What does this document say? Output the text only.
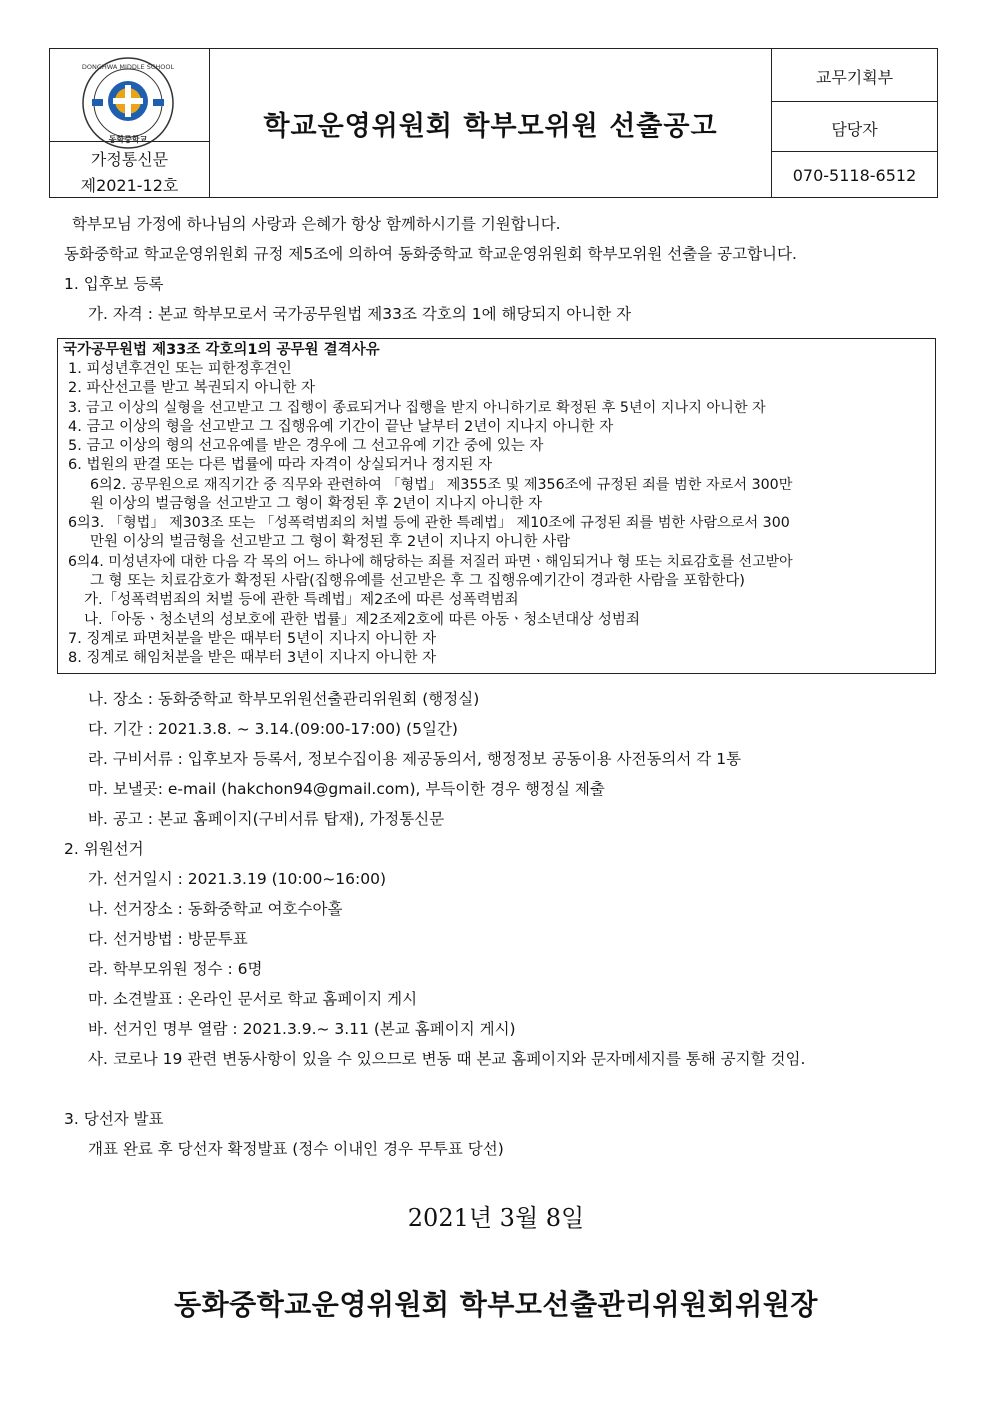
DONGHWA MIDDLE SCHOOL
동화중학교
가정통신문
제2021-12호
학교운영위원회 학부모위원 선출공고
교무기획부
담당자
070-5118-6512
학부모님 가정에 하나님의 사랑과 은혜가 항상 함께하시기를 기원합니다.
동화중학교 학교운영위원회 규정 제5조에 의하여 동화중학교 학교운영위원회 학부모위원 선출을 공고합니다.
1. 입후보 등록
가. 자격 : 본교 학부모로서 국가공무원법 제33조 각호의 1에 해당되지 아니한 자
국가공무원법 제33조 각호의1의 공무원 결격사유
1. 피성년후견인 또는 피한정후견인
2. 파산선고를 받고 복권되지 아니한 자
3. 금고 이상의 실형을 선고받고 그 집행이 종료되거나 집행을 받지 아니하기로 확정된 후 5년이 지나지 아니한 자
4. 금고 이상의 형을 선고받고 그 집행유예 기간이 끝난 날부터 2년이 지나지 아니한 자
5. 금고 이상의 형의 선고유예를 받은 경우에 그 선고유예 기간 중에 있는 자
6. 법원의 판결 또는 다른 법률에 따라 자격이 상실되거나 정지된 자
6의2. 공무원으로 재직기간 중 직무와 관련하여 「형법」 제355조 및 제356조에 규정된 죄를 범한 자로서 300만
원 이상의 벌금형을 선고받고 그 형이 확정된 후 2년이 지나지 아니한 자
6의3. 「형법」 제303조 또는 「성폭력범죄의 처벌 등에 관한 특례법」 제10조에 규정된 죄를 범한 사람으로서 300
만원 이상의 벌금형을 선고받고 그 형이 확정된 후 2년이 지나지 아니한 사람
6의4. 미성년자에 대한 다음 각 목의 어느 하나에 해당하는 죄를 저질러 파면ㆍ해임되거나 형 또는 치료감호를 선고받아
그 형 또는 치료감호가 확정된 사람(집행유예를 선고받은 후 그 집행유예기간이 경과한 사람을 포함한다)
가.「성폭력범죄의 처벌 등에 관한 특례법」제2조에 따른 성폭력범죄
나.「아동ㆍ청소년의 성보호에 관한 법률」제2조제2호에 따른 아동ㆍ청소년대상 성범죄
7. 징계로 파면처분을 받은 때부터 5년이 지나지 아니한 자
8. 징계로 해임처분을 받은 때부터 3년이 지나지 아니한 자
나. 장소 : 동화중학교 학부모위원선출관리위원회 (행정실)
다. 기간 : 2021.3.8. ~ 3.14.(09:00-17:00) (5일간)
라. 구비서류 : 입후보자 등록서, 정보수집이용 제공동의서, 행정정보 공동이용 사전동의서 각 1통
마. 보낼곳: e-mail (hakchon94@gmail.com), 부득이한 경우 행정실 제출
바. 공고 : 본교 홈페이지(구비서류 탑재), 가정통신문
2. 위원선거
가. 선거일시 : 2021.3.19 (10:00~16:00)
나. 선거장소 : 동화중학교 여호수아홀
다. 선거방법 : 방문투표
라. 학부모위원 정수 : 6명
마. 소견발표 : 온라인 문서로 학교 홈페이지 게시
바. 선거인 명부 열람 : 2021.3.9.~ 3.11 (본교 홈페이지 게시)
사. 코로나 19 관련 변동사항이 있을 수 있으므로 변동 때 본교 홈페이지와 문자메세지를 통해 공지할 것임.
3. 당선자 발표
개표 완료 후 당선자 확정발표 (정수 이내인 경우 무투표 당선)
2021년 3월 8일
동화중학교운영위원회 학부모선출관리위원회위원장
